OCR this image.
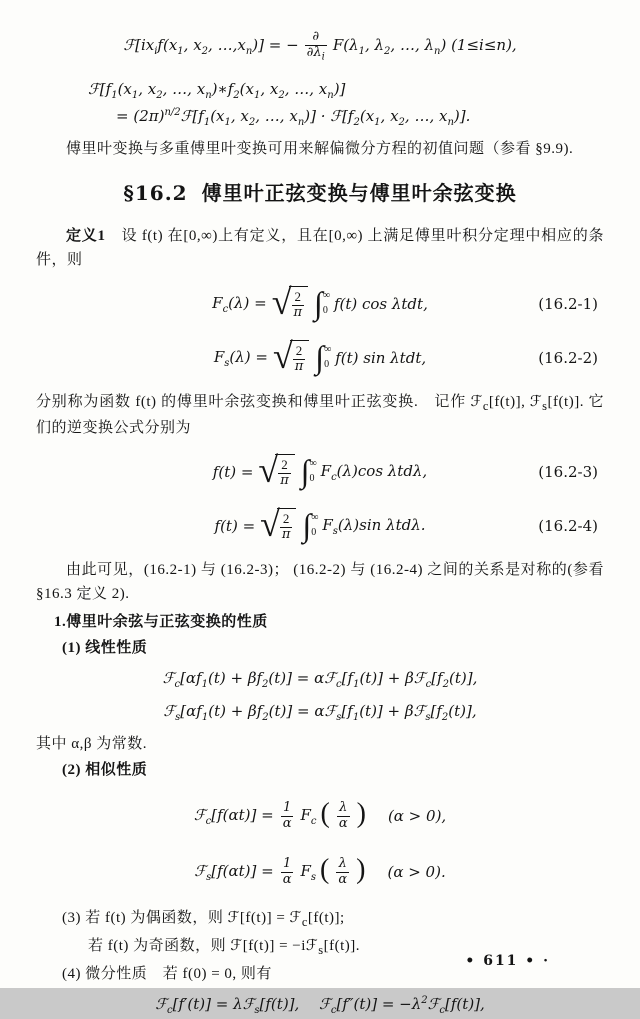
$ℱ[ix_if(x_1$, $x_2$, $\dots,x_n$)] = − ∂
$\partial\lambda_i$
$F(\lambda_1$, $\lambda_2$, …, $\lambda_n$) (1≤i≤n),
$ℱ[f_1(x_1$, $x_2$, …, $x_n)∗f_2(x_1$, $x_2$, …, $x_n$)]
= $(2\pi)^{n/2}ℱ[f_1(x_1$, $x_2$, …, $x_n$)] · $ℱ[f_2(x_1$, $x_2$, …, $x_n$)].

傅里叶变换与多重傅里叶变换可用来解偏微分方程的初值问题（参看 §9.9).

§16.2 傅里叶正弦变换与傅里叶余弦变换

定义1　设 f(t) 在[0,∞)上有定义，且在[0,∞) 上满足傅里叶积分定理中相应的条件，则

$F_c(\lambda)$ = √ $\frac{2}{\pi}$ ∫ ∞
0 f(t) cos λtdt,	(16.2-1)
$F_s(\lambda)$ = √ $\frac{2}{\pi}$ ∫ ∞
0 f(t) sin λtdt,	(16.2-2)

分别称为函数 f(t) 的傅里叶余弦变换和傅里叶正弦变换.　记作 ℱ$_c$[f(t)], ℱ$_s$[f(t)]. 它们的逆变换公式分别为

f(t) = √ $\frac{2}{\pi}$ ∫ ∞
0 $F_c(\lambda)\cos$ λtdλ,	(16.2-3)
f(t) = √ $\frac{2}{\pi}$ ∫ ∞
0 $F_s(\lambda)\sin$ λtdλ.	(16.2-4)

由此可见，(16.2-1) 与 (16.2-3)； (16.2-2) 与 (16.2-4) 之间的关系是对称的(参看 §16.3 定义 2).

1.傅里叶余弦与正弦变换的性质

(1) 线性性质

$ℱ_c[\alpha f_1(t) + \beta f_2(t)]$ = $\alpha ℱ_c[f_1(t)]$ + $\beta ℱ_c[f_2(t)]$,
$ℱ_s[\alpha f_1(t) + \beta f_2(t)]$ = $\alpha ℱ_s[f_1(t)]$ + $\beta ℱ_s[f_2(t)]$,

其中 α,β 为常数.

(2) 相似性质

ℱ$_c$[f(αt)] = $\frac{1}{\alpha} F_c$ ( $\frac{\lambda}{\alpha}$ ) (α > 0),
ℱ$_s$[f(αt)] = $\frac{1}{\alpha} F_s$ ( $\frac{\lambda}{\alpha}$ ) (α > 0).

(3) 若 f(t) 为偶函数，则 ℱ[f(t)] = ℱ$_c$[f(t)];

若 f(t) 为奇函数，则 ℱ[f(t)] = −iℱ$_s$[f(t)].

(4) 微分性质　若 f(0) = 0, 则有

ℱ$_c$[f′(t)] = λℱ$_s$[f(t)],　 ℱ$_c$[f″(t)] = $-\lambda^2ℱ_c[f(t)]$,
• 611 • ·
